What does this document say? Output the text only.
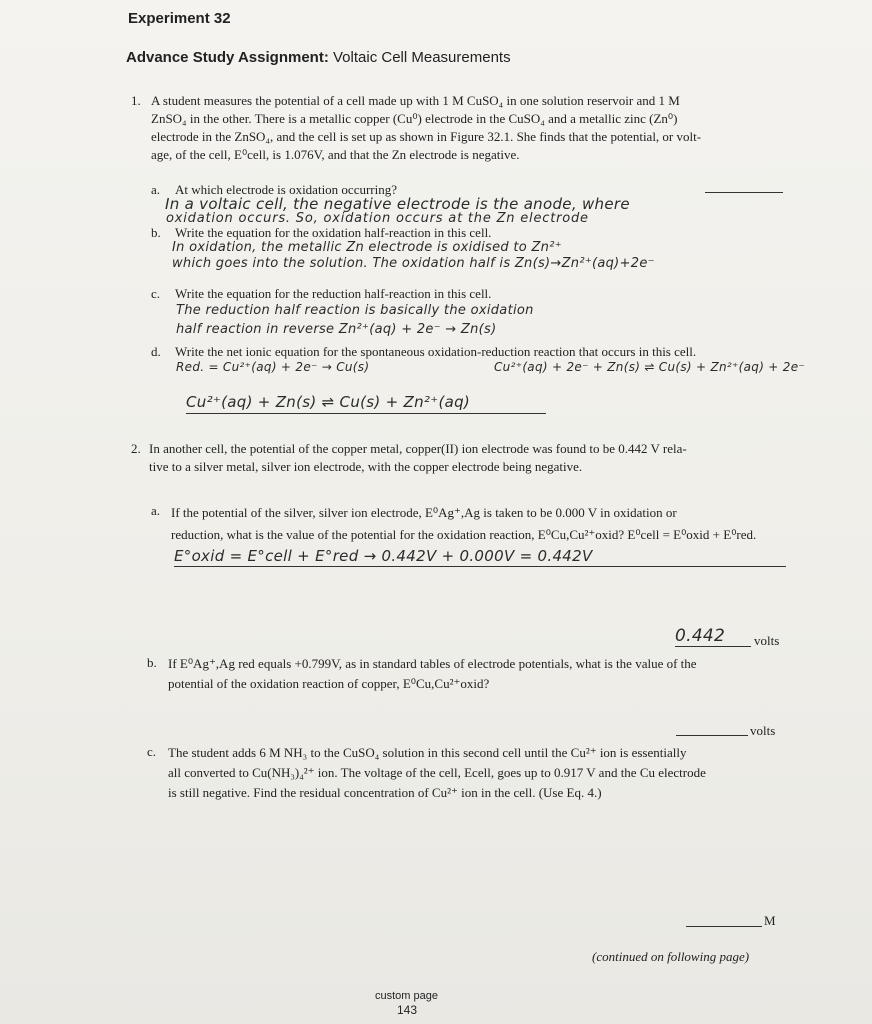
Experiment 32
Advance Study Assignment: Voltaic Cell Measurements
1. A student measures the potential of a cell made up with 1 M CuSO₄ in one solution reservoir and 1 M
ZnSO₄ in the other. There is a metallic copper (Cu⁰) electrode in the CuSO₄ and a metallic zinc (Zn⁰)
electrode in the ZnSO₄, and the cell is set up as shown in Figure 32.1. She finds that the potential, or volt-
age, of the cell, E⁰cell, is 1.076V, and that the Zn electrode is negative.
a. At which electrode is oxidation occurring?
In a voltaic cell, the negative electrode is the anode, where
oxidation occurs. So, oxidation occurs at the Zn electrode
b. Write the equation for the oxidation half-reaction in this cell.
In oxidation, the metallic Zn electrode is oxidised to Zn²⁺
which goes into the solution. The oxidation half is Zn(s)→Zn²⁺(aq)+2e⁻
c. Write the equation for the reduction half-reaction in this cell.
The reduction half reaction is basically the oxidation
half reaction in reverse Zn²⁺(aq) + 2e⁻ → Zn(s)
d. Write the net ionic equation for the spontaneous oxidation-reduction reaction that occurs in this cell.
Red. = Cu²⁺(aq) + 2e⁻ → Cu(s)	Cu²⁺(aq) + 2e⁻ + Zn(s) ⇌ Cu(s) + Zn²⁺(aq) + 2e⁻
Cu²⁺(aq) + Zn(s) ⇌ Cu(s) + Zn²⁺(aq)
2. In another cell, the potential of the copper metal, copper(II) ion electrode was found to be 0.442 V rela-
tive to a silver metal, silver ion electrode, with the copper electrode being negative.
a. If the potential of the silver, silver ion electrode, E⁰Ag⁺,Ag is taken to be 0.000 V in oxidation or
reduction, what is the value of the potential for the oxidation reaction, E⁰Cu,Cu²⁺oxid? E⁰cell = E⁰oxid + E⁰red.
E°oxid = E°cell + E°red → 0.442V + 0.000V = 0.442V
0.442	volts
b. If E⁰Ag⁺,Ag red equals +0.799V, as in standard tables of electrode potentials, what is the value of the
potential of the oxidation reaction of copper, E⁰Cu,Cu²⁺oxid?
volts
c. The student adds 6 M NH₃ to the CuSO₄ solution in this second cell until the Cu²⁺ ion is essentially
all converted to Cu(NH₃)₄²⁺ ion. The voltage of the cell, Ecell, goes up to 0.917 V and the Cu electrode
is still negative. Find the residual concentration of Cu²⁺ ion in the cell. (Use Eq. 4.)
M
(continued on following page)
custom page
143
